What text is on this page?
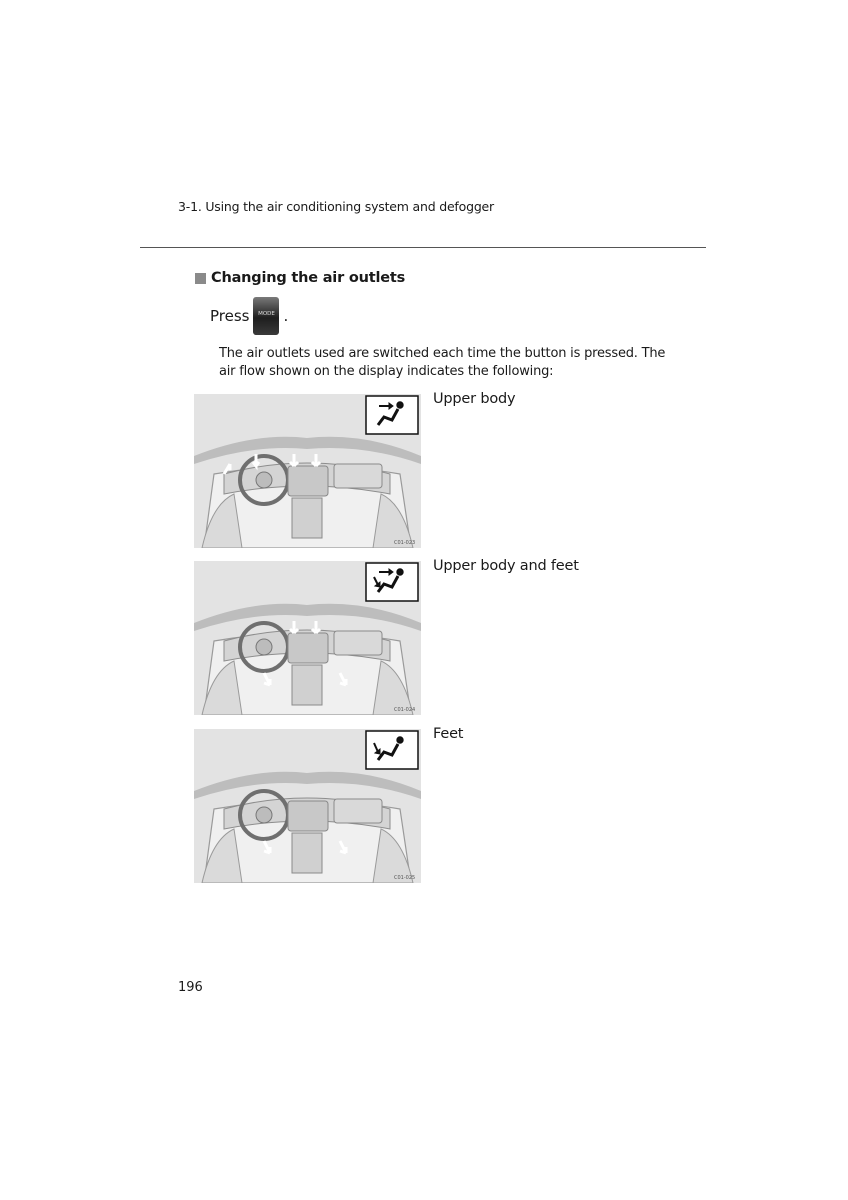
3-1. Using the air conditioning system and defogger
Changing the air outlets
Press	MODE .
The air outlets used are switched each time the button is pressed. The air flow shown on the display indicates the following:
C01-023
Upper body
C01-024
Upper body and feet
C01-025
Feet
196
